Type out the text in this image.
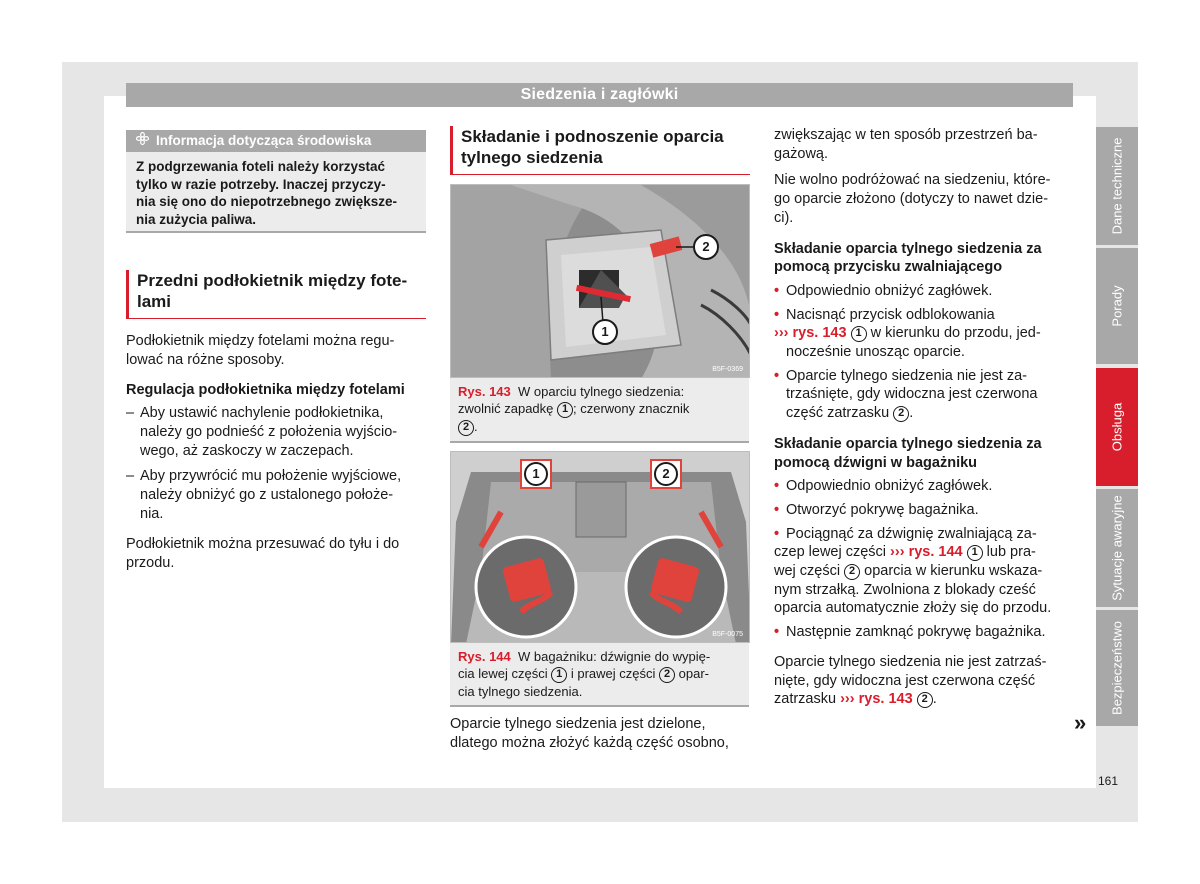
Siedzenia i zagłówki
Dane techniczne
Porady
Obsługa
Sytuacje awaryjne
Bezpieczeństwo
161
Informacja dotycząca środowiska
Z podgrzewania foteli należy korzystać
tylko w razie potrzeby. Inaczej przyczy-
nia się ono do niepotrzebnego zwiększe-
nia zużycia paliwa.
Przedni podłokietnik między fote-
lami
Podłokietnik między fotelami można regu-
lować na różne sposoby.
Regulacja podłokietnika między fotelami
– Aby ustawić nachylenie podłokietnika,
należy go podnieść z położenia wyjścio-
wego, aż zaskoczy w zaczepach.
– Aby przywrócić mu położenie wyjściowe,
należy obniżyć go z ustalonego położe-
nia.
Podłokietnik można przesuwać do tyłu i do
przodu.
Składanie i podnoszenie oparcia
tylnego siedzenia
1
2
B5F-0369
Rys. 143 W oparciu tylnego siedzenia:
zwolnić zapadkę 1 ; czerwony znacznik
2 .
1	2
B5F-0075
Rys. 144 W bagażniku: dźwignie do wypię-
cia lewej części 1 i prawej części 2 opar-
cia tylnego siedzenia.
Oparcie tylnego siedzenia jest dzielone,
dlatego można złożyć każdą część osobno,
zwiększając w ten sposób przestrzeń ba-
gażową.
Nie wolno podróżować na siedzeniu, które-
go oparcie złożono (dotyczy to nawet dzie-
ci).
Składanie oparcia tylnego siedzenia za
pomocą przycisku zwalniającego
• Odpowiednio obniżyć zagłówek.
• Nacisnąć przycisk odblokowania
››› rys. 143 1 w kierunku do przodu, jed-
nocześnie unosząc oparcie.
• Oparcie tylnego siedzenia nie jest za-
trzaśnięte, gdy widoczna jest czerwona
część zatrzasku 2 .
Składanie oparcia tylnego siedzenia za
pomocą dźwigni w bagażniku
• Odpowiednio obniżyć zagłówek.
• Otworzyć pokrywę bagażnika.
• Pociągnąć za dźwignię zwalniającą za-
czep lewej części ››› rys. 144 1 lub pra-
wej części 2 oparcia w kierunku wskaza-
nym strzałką. Zwolniona z blokady cześć
oparcia automatycznie złoży się do przodu.
• Następnie zamknąć pokrywę bagażnika.
Oparcie tylnego siedzenia nie jest zatrzaś-
nięte, gdy widoczna jest czerwona część
zatrzasku ››› rys. 143 2 .
»
